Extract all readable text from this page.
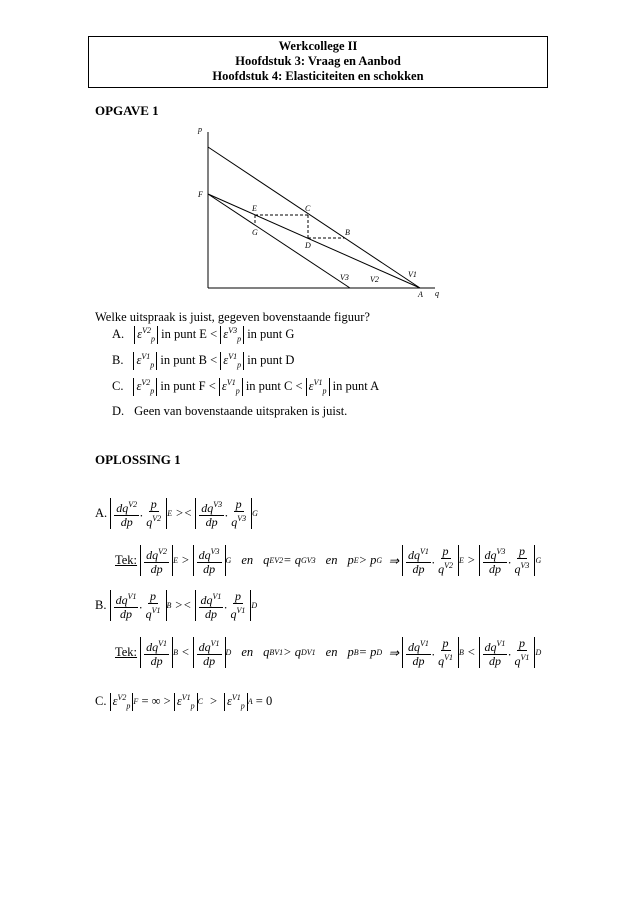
Werkcollege II
Hoofdstuk 3: Vraag en Aanbod
Hoofdstuk 4: Elasticiteiten en schokken
OPGAVE 1
p
q
F
E	C
G
D
B
A
V3	V2
V1
Welke uitspraak is juist, gegeven bovenstaande figuur?
A. $\varepsilon^{V2}_p$
in punt E <
$\varepsilon^{V3}_p$
in punt G
B. $\varepsilon^{V1}_p$
in punt B <
$\varepsilon^{V1}_p$
in punt D
C. $\varepsilon^{V2}_p$
in punt F <
$\varepsilon^{V1}_p$
in punt C <
$\varepsilon^{V1}_p$
in punt A
D. Geen van bovenstaande uitspraken is juist.
OPLOSSING 1
A.
$dq^{V2}$
dp
. $\frac{p}{q^{V2}}$ $E >< dq^{V3}$
dp
. $\frac{p}{q^{V3}}$ G
Tek:
$dq^{V2}$
dp
$E > dq^{V3}$
dp
G en q E V2 = q G V3 en p E > p G ⇒ $dq^{V1}$
dp
. $\frac{p}{q^{V2}}$ $E > dq^{V3}$
dp
. $\frac{p}{q^{V3}}$ G
B.
$dq^{V1}$
dp
. $\frac{p}{q^{V1}}$ $B >< dq^{V1}$
dp
. $\frac{p}{q^{V1}}$ D
Tek:
$dq^{V1}$
dp
$B < dq^{V1}$
dp
D en q B V1 > q D V1 en p B = p D ⇒ $dq^{V1}$
dp
. $\frac{p}{q^{V1}}$ $B < dq^{V1}$
dp
. $\frac{p}{q^{V1}}$ D
C.
$\varepsilon^{V2}_p$ F
= ∞ >
$\varepsilon^{V1}_p$ $C > \varepsilon^{V1}_p$ A
= 0
